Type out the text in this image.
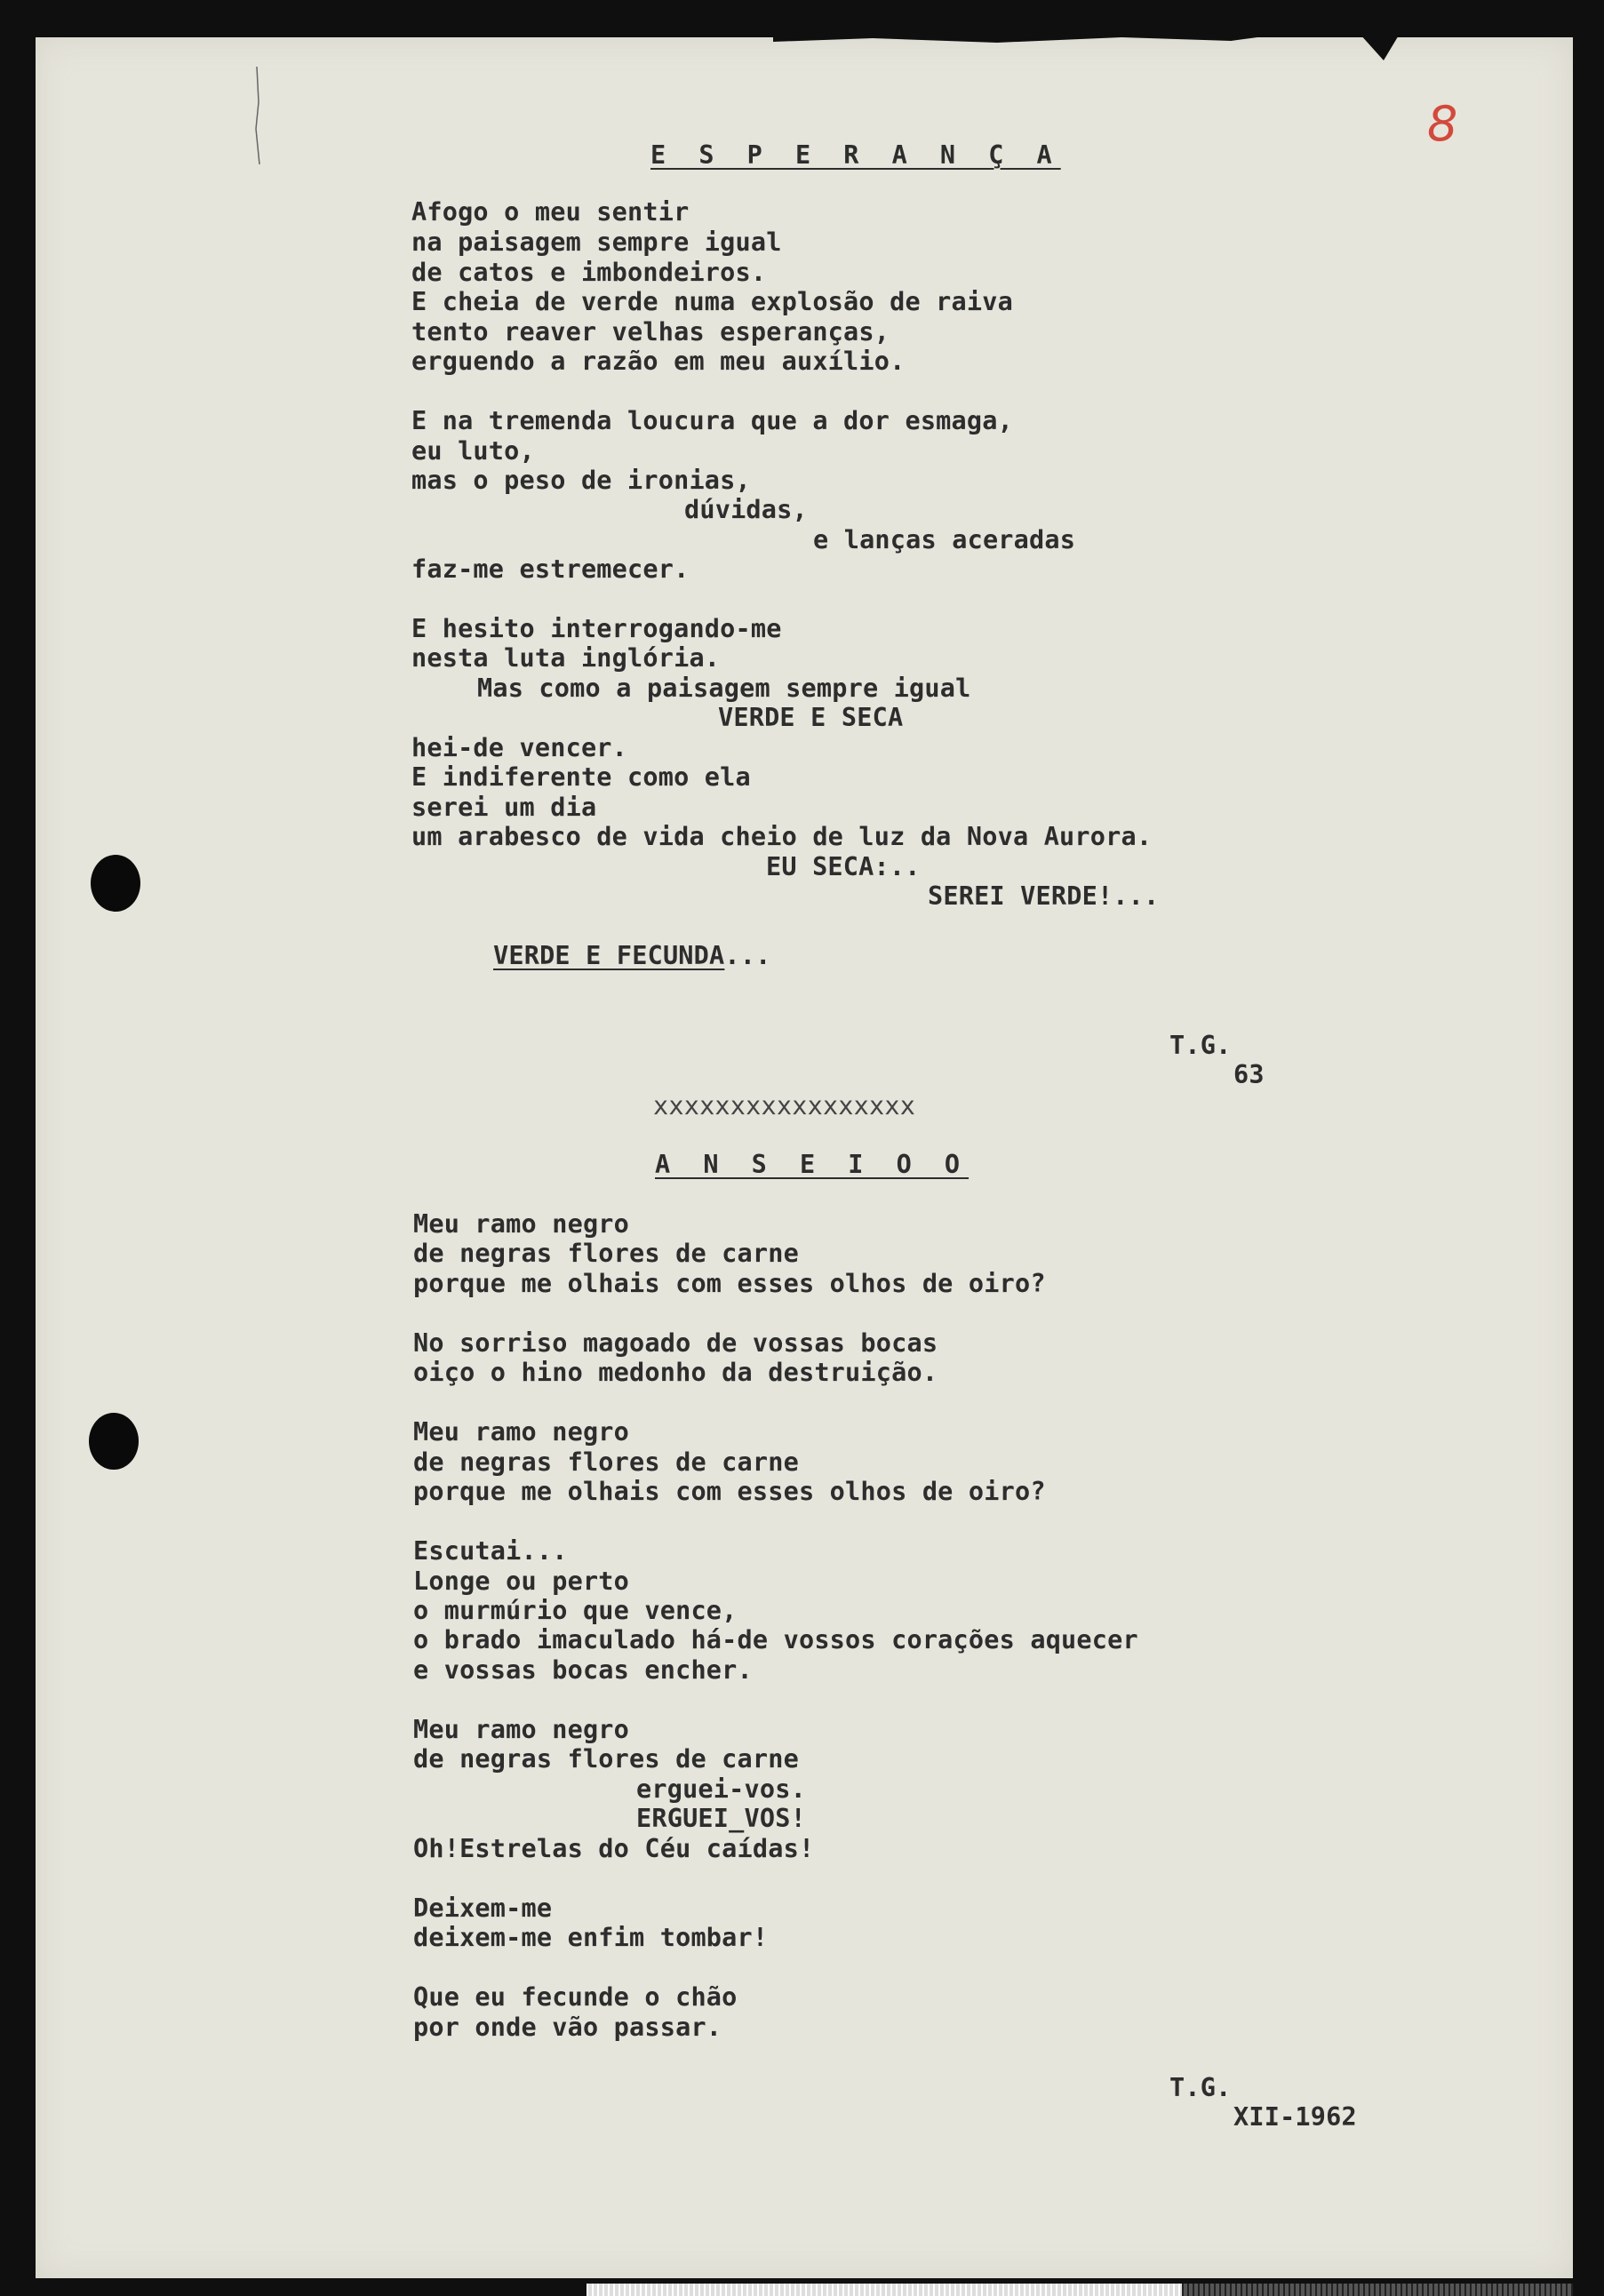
8
E S P E R A N Ç A
Afogo o meu sentir
na paisagem sempre igual
de catos e imbondeiros.
E cheia de verde numa explosão de raiva
tento reaver velhas esperanças,
erguendo a razão em meu auxílio.
E na tremenda loucura que a dor esmaga,
eu luto,
mas o peso de ironias,
dúvidas,
e lanças aceradas
faz-me estremecer.
E hesito interrogando-me
nesta luta inglória.
Mas como a paisagem sempre igual
VERDE E SECA
hei-de vencer.
E indiferente como ela
serei um dia
um arabesco de vida cheio de luz da Nova Aurora.
EU SECA:..
SEREI VERDE!...
VERDE E FECUNDA...
T.G.
63
xxxxxxxxxxxxxxxxx
A N S E I O O
Meu ramo negro
de negras flores de carne
porque me olhais com esses olhos de oiro?
No sorriso magoado de vossas bocas
oiço o hino medonho da destruição.
Meu ramo negro
de negras flores de carne
porque me olhais com esses olhos de oiro?
Escutai...
Longe ou perto
o murmúrio que vence,
o brado imaculado há-de vossos corações aquecer
e vossas bocas encher.
Meu ramo negro
de negras flores de carne
erguei-vos.
ERGUEI_VOS!
Oh!Estrelas do Céu caídas!
Deixem-me
deixem-me enfim tombar!
Que eu fecunde o chão
por onde vão passar.
T.G.
XII-1962
